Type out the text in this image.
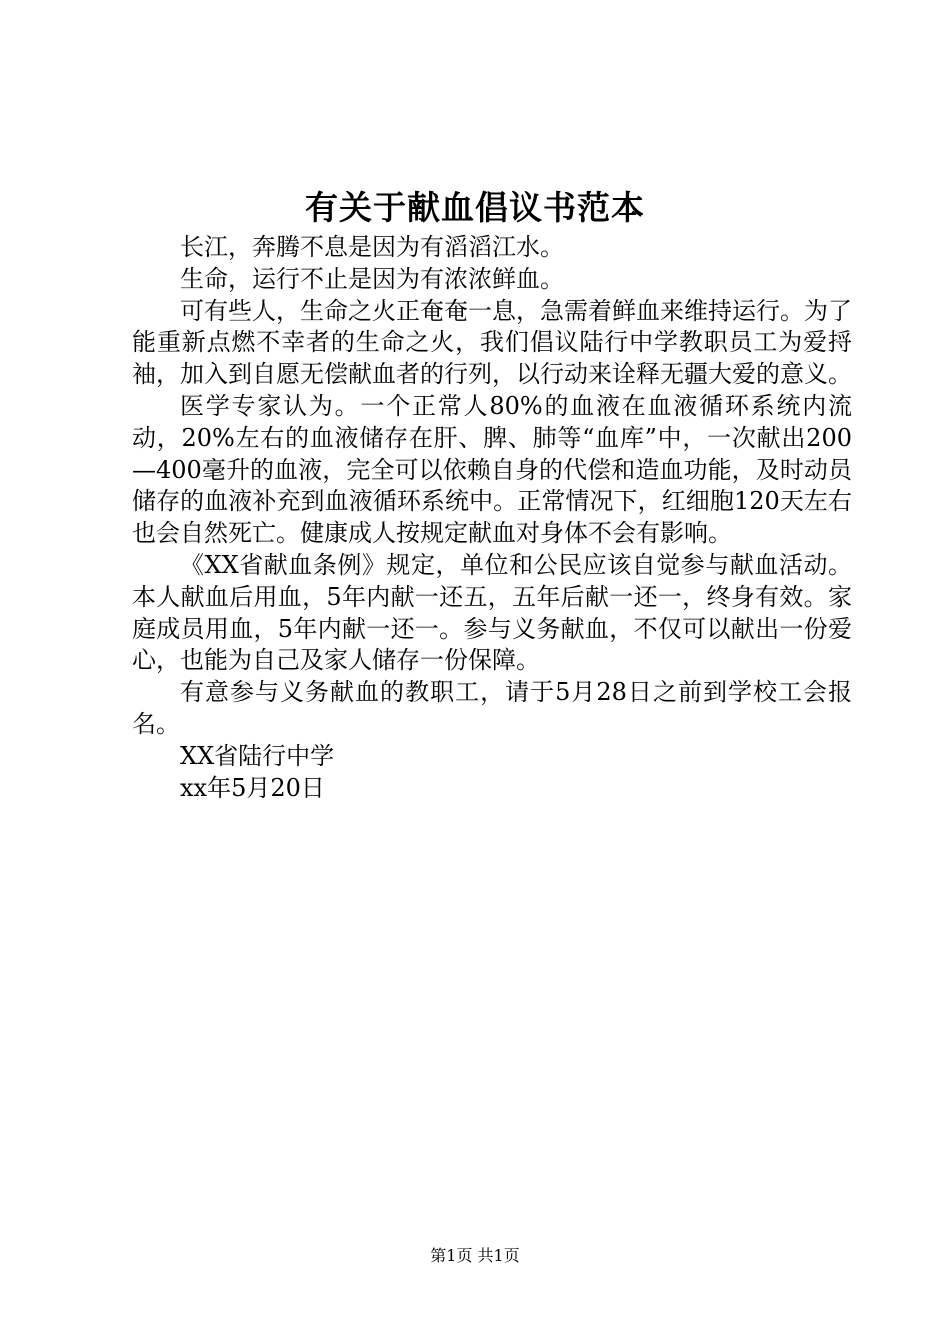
有关于献血倡议书范本

长江，奔腾不息是因为有滔滔江水。

生命，运行不止是因为有浓浓鲜血。

可有些人，生命之火正奄奄一息，急需着鲜血来维持运行。为了能重新点燃不幸者的生命之火，我们倡议陆行中学教职员工为爱捋袖，加入到自愿无偿献血者的行列，以行动来诠释无疆大爱的意义。

医学专家认为。一个正常人80%的血液在血液循环系统内流动，20%左右的血液储存在肝、脾、肺等“血库”中，一次献出200—400毫升的血液，完全可以依赖自身的代偿和造血功能，及时动员储存的血液补充到血液循环系统中。正常情况下，红细胞120天左右也会自然死亡。健康成人按规定献血对身体不会有影响。

《XX省献血条例》规定，单位和公民应该自觉参与献血活动。本人献血后用血，5年内献一还五，五年后献一还一，终身有效。家庭成员用血，5年内献一还一。参与义务献血，不仅可以献出一份爱心，也能为自己及家人储存一份保障。

有意参与义务献血的教职工，请于5月28日之前到学校工会报名。

XX省陆行中学

xx年5月20日

第1页 共1页
